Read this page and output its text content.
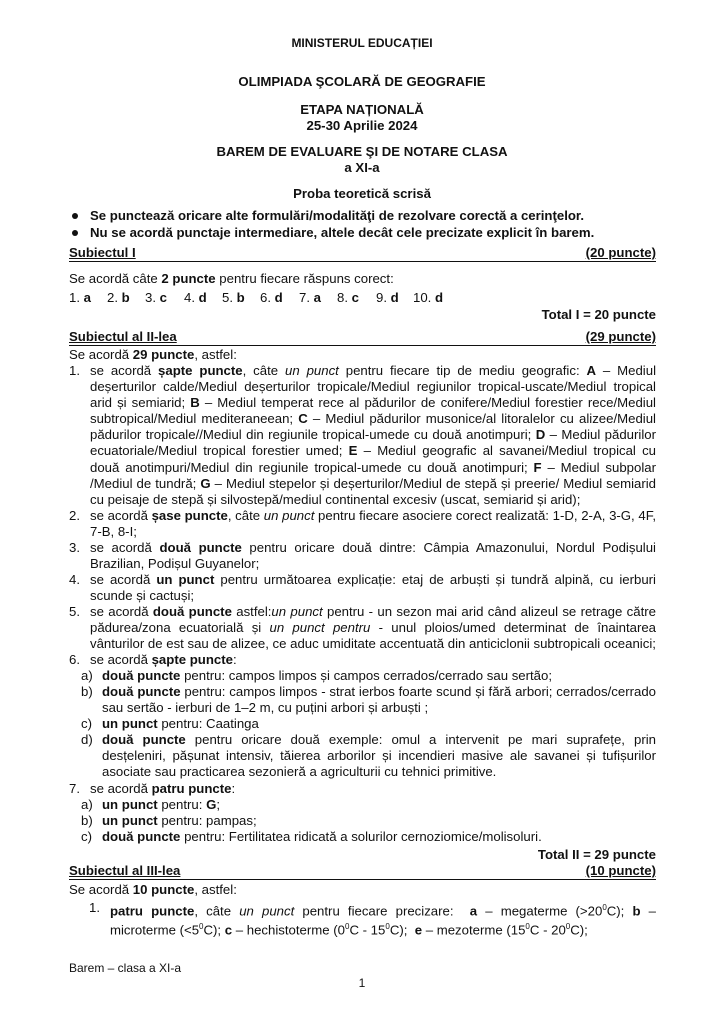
MINISTERUL EDUCAȚIEI
OLIMPIADA ŞCOLARĂ DE GEOGRAFIE
ETAPA NAȚIONALĂ
25-30 Aprilie 2024
BAREM DE EVALUARE ŞI DE NOTARE CLASA
a XI-a
Proba teoretică scrisă
Se punctează oricare alte formulări/modalităţi de rezolvare corectă a cerinţelor.
Nu se acordă punctaje intermediare, altele decât cele precizate explicit în barem.
Subiectul I	(20 puncte)
Se acordă câte 2 puncte pentru fiecare răspuns corect:
1. a 2. b 3. c 4. d 5. b 6. d 7. a 8. c 9. d 10. d
Total I = 20 puncte
Subiectul al II-lea	(29 puncte)
Se acordă 29 puncte, astfel:
1. se acordă șapte puncte, câte un punct pentru fiecare tip de mediu geografic: A – Mediul deșerturilor calde/Mediul deșerturilor tropicale/Mediul regiunilor tropical-uscate/Mediul tropical arid și semiarid; B – Mediul temperat rece al pădurilor de conifere/Mediul forestier rece/Mediul subtropical/Mediul mediteraneean; C – Mediul pădurilor musonice/al litoralelor cu alizee/Mediul pădurilor tropicale//Mediul din regiunile tropical-umede cu două anotimpuri; D – Mediul pădurilor ecuatoriale/Mediul tropical forestier umed; E – Mediul geografic al savanei/Mediul tropical cu două anotimpuri/Mediul din regiunile tropical-umede cu două anotimpuri; F – Mediul subpolar /Mediul de tundră; G – Mediul stepelor și deșerturilor/Mediul de stepă și preerie/ Mediul semiarid cu peisaje de stepă și silvostepă/mediul continental excesiv (uscat, semiarid și arid);
2. se acordă șase puncte, câte un punct pentru fiecare asociere corect realizată: 1-D, 2-A, 3-G, 4F, 7-B, 8-I;
3. se acordă două puncte pentru oricare două dintre: Câmpia Amazonului, Nordul Podișului Brazilian, Podișul Guyanelor;
4. se acordă un punct pentru următoarea explicație: etaj de arbuști și tundră alpină, cu ierburi scunde și cactuși;
5. se acordă două puncte astfel:un punct pentru - un sezon mai arid când alizeul se retrage către pădurea/zona ecuatorială și un punct pentru - unul ploios/umed determinat de înaintarea vânturilor de est sau de alizee, ce aduc umiditate accentuată din anticiclonii subtropicali oceanici;
6. se acordă șapte puncte:
a) două puncte pentru: campos limpos și campos cerrados/cerrado sau sertão;
b) două puncte pentru: campos limpos - strat ierbos foarte scund și fără arbori; cerrados/cerrado sau sertão - ierburi de 1–2 m, cu puțini arbori și arbuști ;
c) un punct pentru: Caatinga
d) două puncte pentru oricare două exemple: omul a intervenit pe mari suprafețe, prin desțeleniri, pășunat intensiv, tăierea arborilor și incendieri masive ale savanei și tufișurilor asociate sau practicarea sezonieră a agriculturii cu tehnici primitive.
7. se acordă patru puncte:
a) un punct pentru: G;
b) un punct pentru: pampas;
c) două puncte pentru: Fertilitatea ridicată a solurilor cernoziomice/molisoluri.
Total II = 29 puncte
Subiectul al III-lea	(10 puncte)
Se acordă 10 puncte, astfel:
1. patru puncte, câte un punct pentru fiecare precizare:  a – megaterme $(>20^0C)$; b – microterme $(<5^0C)$; c – hechistoterme $(0^0C - 15^0C)$;  e – mezoterme $(15^0C - 20^0C)$;
Barem – clasa a XI-a
1
